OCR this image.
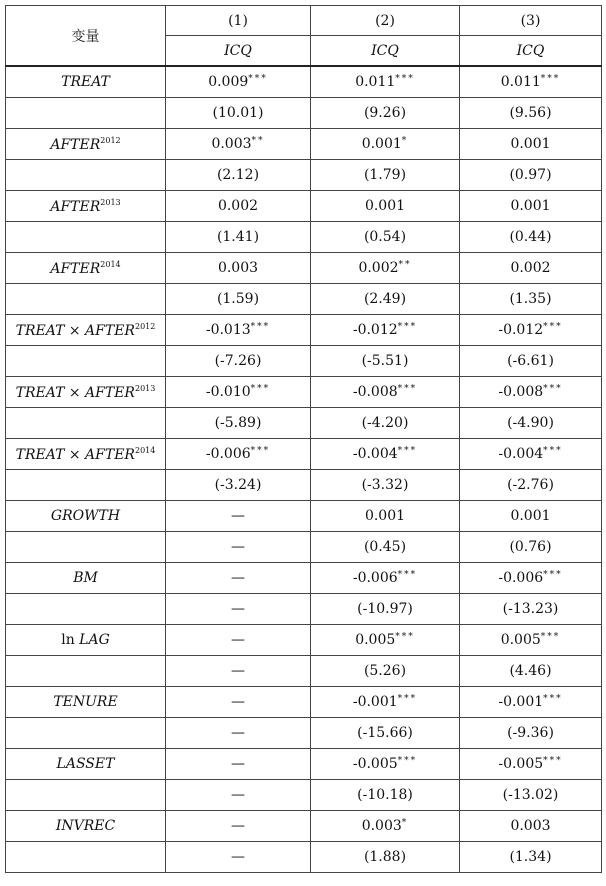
变量	(1)	(2)	(3)
	ICQ	ICQ	ICQ
TREAT	0.009***	0.011***	0.011***
	(10.01)	(9.26)	(9.56)
$AFTER^{2012}$	0.003**	0.001*	0.001
	(2.12)	(1.79)	(0.97)
$AFTER^{2013}$	0.002	0.001	0.001
	(1.41)	(0.54)	(0.44)
$AFTER^{2014}$	0.003	0.002**	0.002
	(1.59)	(2.49)	(1.35)
TREAT × $AFTER^{2012}$	-0.013***	-0.012***	-0.012***
	(-7.26)	(-5.51)	(-6.61)
TREAT × $AFTER^{2013}$	-0.010***	-0.008***	-0.008***
	(-5.89)	(-4.20)	(-4.90)
TREAT × $AFTER^{2014}$	-0.006***	-0.004***	-0.004***
	(-3.24)	(-3.32)	(-2.76)
GROWTH	—	0.001	0.001
	—	(0.45)	(0.76)
BM	—	-0.006***	-0.006***
	—	(-10.97)	(-13.23)
ln LAG	—	0.005***	0.005***
	—	(5.26)	(4.46)
TENURE	—	-0.001***	-0.001***
	—	(-15.66)	(-9.36)
LASSET	—	-0.005***	-0.005***
	—	(-10.18)	(-13.02)
INVREC	—	0.003*	0.003
	—	(1.88)	(1.34)
